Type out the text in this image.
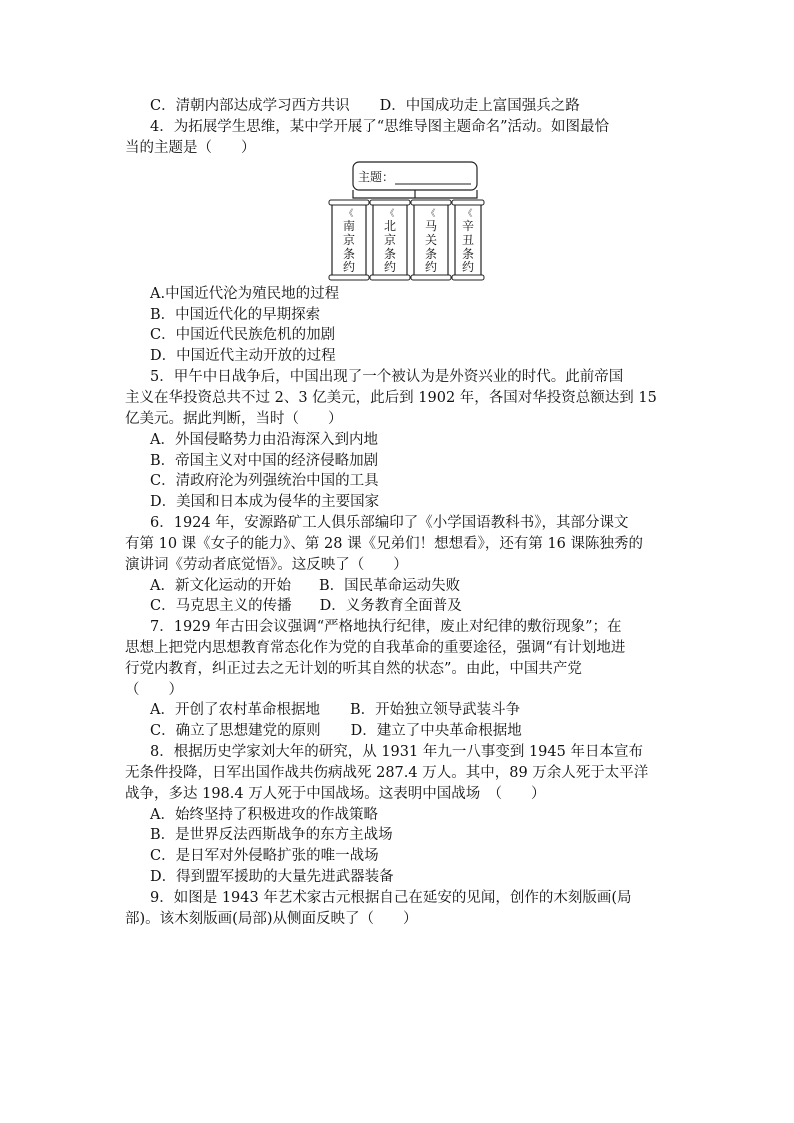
C．清朝内部达成学习西方共识 D．中国成功走上富国强兵之路
4．为拓展学生思维，某中学开展了“思维导图主题命名”活动。如图最恰
当的主题是（　　）
主题：
《
南
京
条
约
《
北
京
条
约
《
马
关
条
约
《
辛
丑
条
约
A.中国近代沦为殖民地的过程
B．中国近代化的早期探索
C．中国近代民族危机的加剧
D．中国近代主动开放的过程
5．甲午中日战争后，中国出现了一个被认为是外资兴业的时代。此前帝国
主义在华投资总共不过 2、3 亿美元，此后到 1902 年，各国对华投资总额达到 15
亿美元。据此判断，当时（　　）
A．外国侵略势力由沿海深入到内地
B．帝国主义对中国的经济侵略加剧
C．清政府沦为列强统治中国的工具
D．美国和日本成为侵华的主要国家
6．1924 年，安源路矿工人俱乐部编印了《小学国语教科书》，其部分课文
有第 10 课《女子的能力》、第 28 课《兄弟们！想想看》，还有第 16 课陈独秀的
演讲词《劳动者底觉悟》。这反映了（　　）
A．新文化运动的开始 B．国民革命运动失败
C．马克思主义的传播 D．义务教育全面普及
7．1929 年古田会议强调“严格地执行纪律，废止对纪律的敷衍现象”；在
思想上把党内思想教育常态化作为党的自我革命的重要途径，强调“有计划地进
行党内教育，纠正过去之无计划的听其自然的状态”。由此，中国共产党
（　　）
A．开创了农村革命根据地 B．开始独立领导武装斗争
C．确立了思想建党的原则 D．建立了中央革命根据地
8．根据历史学家刘大年的研究，从 1931 年九一八事变到 1945 年日本宣布
无条件投降，日军出国作战共伤病战死 287.4 万人。其中，89 万余人死于太平洋
战争，多达 198.4 万人死于中国战场。这表明中国战场　（　　）
A．始终坚持了积极进攻的作战策略
B．是世界反法西斯战争的东方主战场
C．是日军对外侵略扩张的唯一战场
D．得到盟军援助的大量先进武器装备
9．如图是 1943 年艺术家古元根据自己在延安的见闻，创作的木刻版画(局
部)。该木刻版画(局部)从侧面反映了（　　）
